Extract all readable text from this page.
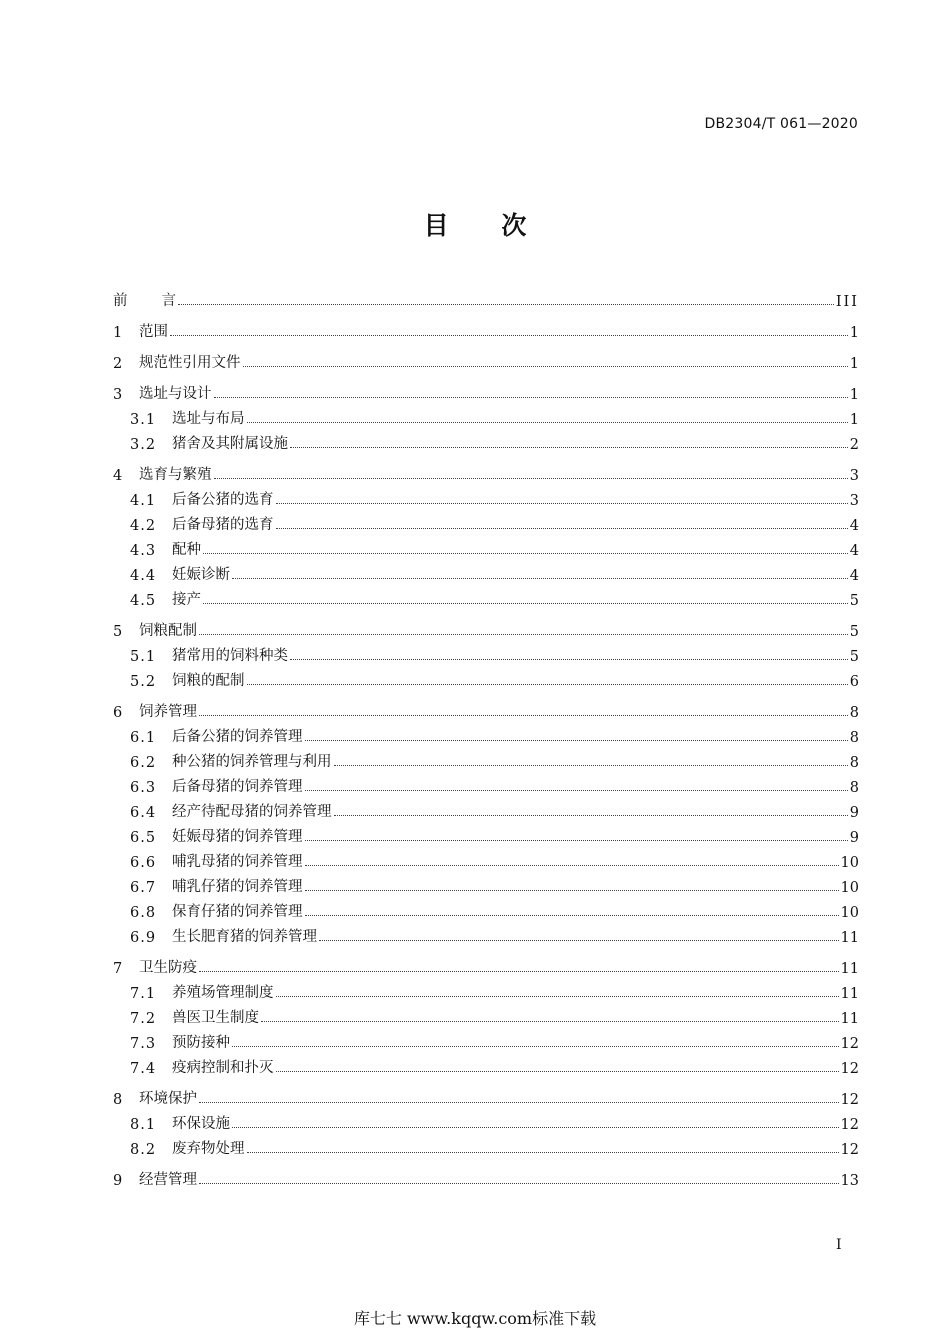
DB2304/T 061—2020
目 次
前 言	III
1	范围	1
2	规范性引用文件	1
3	选址与设计	1
3.1	选址与布局	1
3.2	猪舍及其附属设施	2
4	选育与繁殖	3
4.1	后备公猪的选育	3
4.2	后备母猪的选育	4
4.3	配种	4
4.4	妊娠诊断	4
4.5	接产	5
5	饲粮配制	5
5.1	猪常用的饲料种类	5
5.2	饲粮的配制	6
6	饲养管理	8
6.1	后备公猪的饲养管理	8
6.2	种公猪的饲养管理与利用	8
6.3	后备母猪的饲养管理	8
6.4	经产待配母猪的饲养管理	9
6.5	妊娠母猪的饲养管理	9
6.6	哺乳母猪的饲养管理	10
6.7	哺乳仔猪的饲养管理	10
6.8	保育仔猪的饲养管理	10
6.9	生长肥育猪的饲养管理	11
7	卫生防疫	11
7.1	养殖场管理制度	11
7.2	兽医卫生制度	11
7.3	预防接种	12
7.4	疫病控制和扑灭	12
8	环境保护	12
8.1	环保设施	12
8.2	废弃物处理	12
9	经营管理	13
I
库七七 www.kqqw.com标准下载
